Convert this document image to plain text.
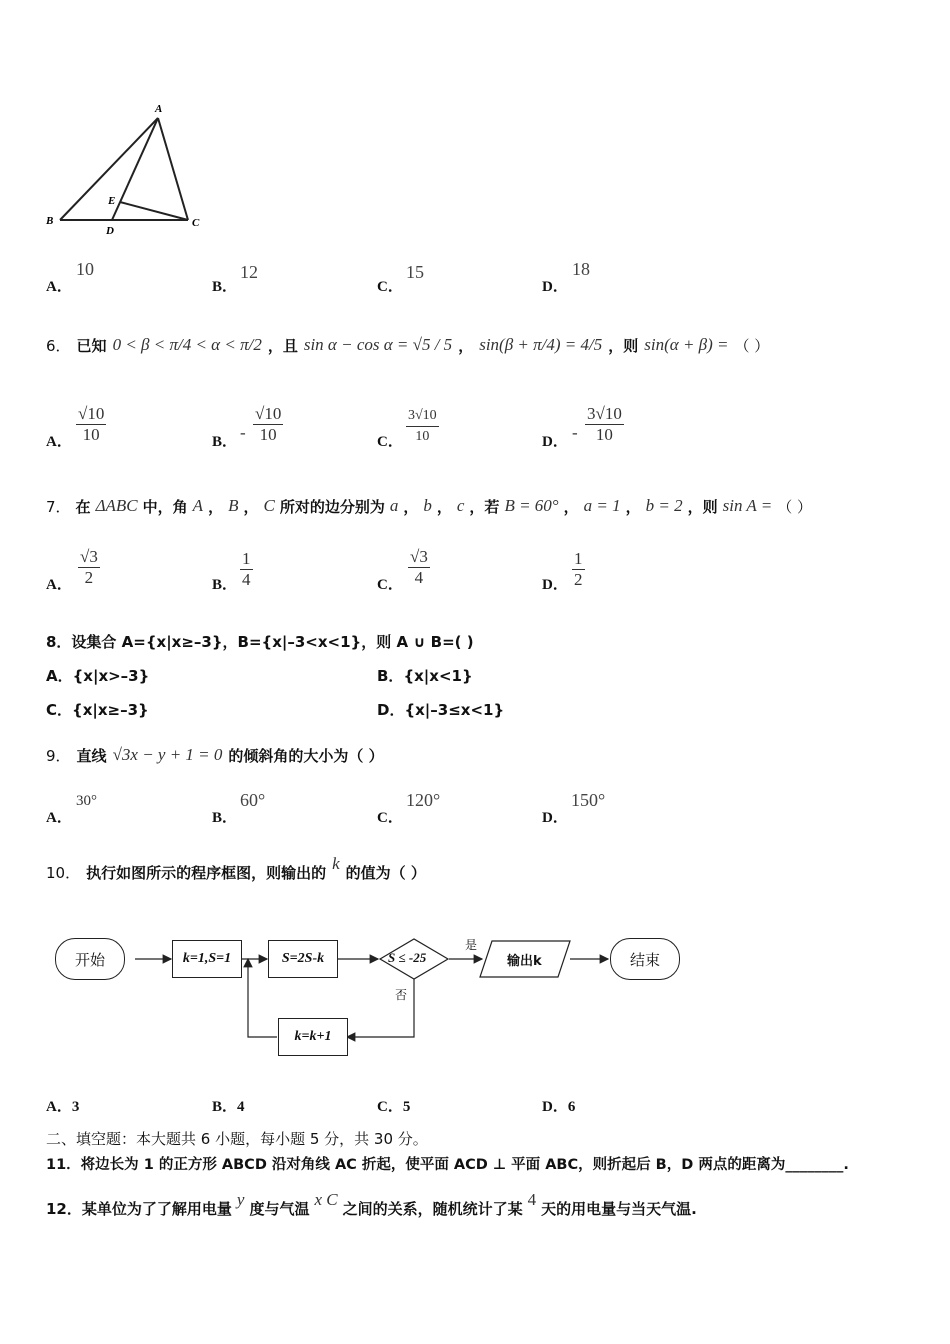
A
B	C
D
E
A．
10
B．
12
C．
15
D．
18
6． 已知 0 < β < π/4 < α < π/2 ，且 sin α − cos α = √5 / 5 ， sin(β + π/4) = 4/5 ，则 sin(α + β) = （ ）
A． $\frac{√10}{10}$	B． - $\frac{√10}{10}$	C． $\frac{3√10}{10}$	D． - $\frac{3√10}{10}$
7． 在 ΔABC 中，角 A ， B ， C 所对的边分别为 a ， b ， c ，若 B = 60° ， a = 1 ， b = 2 ，则 sin A = （ ）
A． $\frac{√3}{2}$	B． $\frac{1}{4}$	C． $\frac{√3}{4}$	D． $\frac{1}{2}$
8．设集合 A={x|x≥–3}，B={x|–3<x<1}，则 A ∪ B=( )
A．{x|x>–3}	B．{x|x<1}
C．{x|x≥–3}	D．{x|–3≤x<1}
9． 直线 √3x − y + 1 = 0 的倾斜角的大小为（ ）
A．
30°
B．
60°
C．
120°
D．
150°
10． 执行如图所示的程序框图，则输出的 k 的值为（ ）
开始	k=1,S=1	S=2S-k	S ≤ -25
是
否
输出k	结束
k=k+1
A．3	B．4	C．5	D．6
二、填空题：本大题共 6 小题，每小题 5 分，共 30 分。
11．将边长为 1 的正方形 ABCD 沿对角线 AC 折起，使平面 ACD ⊥ 平面 ABC，则折起后 B，D 两点的距离为________.
12．某单位为了了解用电量 y 度与气温 x C 之间的关系，随机统计了某 4 天的用电量与当天气温.
